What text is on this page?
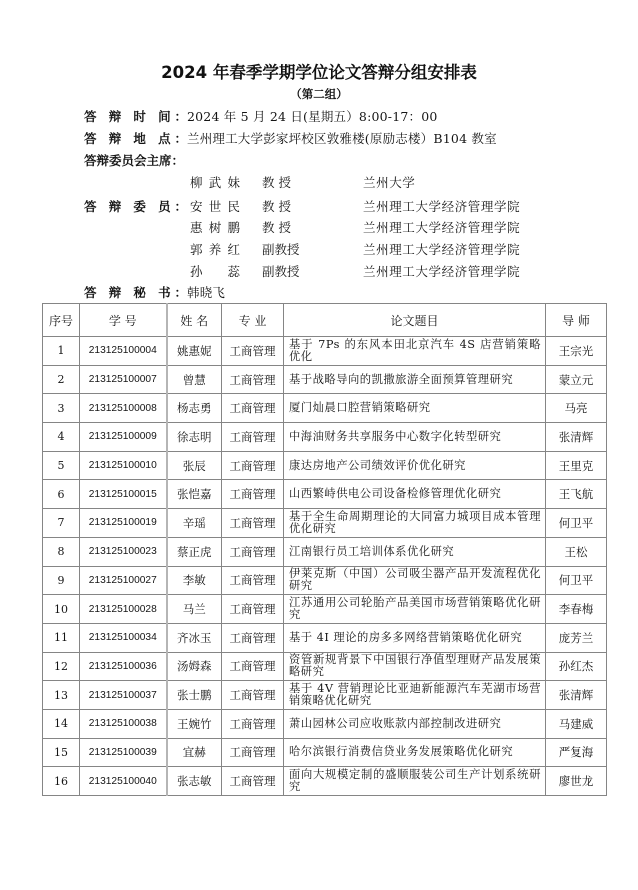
2024 年春季学期学位论文答辩分组安排表
（第二组）
答 辩 时 间：2024 年 5 月 24 日(星期五）8:00-17：00
答 辩 地 点：兰州理工大学彭家坪校区敦雅楼(原励志楼）B104 教室
答辩委员会主席：
答 辩 委 员：
柳武妹 教 授	兰州大学
安世民 教 授	兰州理工大学经济管理学院
惠树鹏 教 授	兰州理工大学经济管理学院
郭养红 副教授	兰州理工大学经济管理学院
孙 蕊 副教授	兰州理工大学经济管理学院
答 辩 秘 书：韩晓飞
序号	学 号	姓 名	专 业	论文题目	导 师
1	213125100004	姚惠妮	工商管理	基于 7Ps 的东风本田北京汽车 4S 店营销策略优化	王宗光
2	213125100007	曾慧	工商管理	基于战略导向的凯撒旅游全面预算管理研究	蒙立元
3	213125100008	杨志勇	工商管理	厦门灿晨口腔营销策略研究	马亮
4	213125100009	徐志明	工商管理	中海油财务共享服务中心数字化转型研究	张清辉
5	213125100010	张辰	工商管理	康达房地产公司绩效评价优化研究	王里克
6	213125100015	张恺嘉	工商管理	山西繁峙供电公司设备检修管理优化研究	王飞航
7	213125100019	辛瑶	工商管理	基于全生命周期理论的大同富力城项目成本管理优化研究	何卫平
8	213125100023	蔡正虎	工商管理	江南银行员工培训体系优化研究	王松
9	213125100027	李敏	工商管理	伊莱克斯（中国）公司吸尘器产品开发流程优化研究	何卫平
10	213125100028	马兰	工商管理	江苏通用公司轮胎产品美国市场营销策略优化研究	李春梅
11	213125100034	齐冰玉	工商管理	基于 4I 理论的房多多网络营销策略优化研究	庞芳兰
12	213125100036	汤姆森	工商管理	资管新规背景下中国银行净值型理财产品发展策略研究	孙红杰
13	213125100037	张士鹏	工商管理	基于 4V 营销理论比亚迪新能源汽车芜湖市场营销策略优化研究	张清辉
14	213125100038	王婉竹	工商管理	萧山园林公司应收账款内部控制改进研究	马建威
15	213125100039	宜赫	工商管理	哈尔滨银行消费信贷业务发展策略优化研究	严复海
16	213125100040	张志敏	工商管理	面向大规模定制的盛顺服装公司生产计划系统研究	廖世龙
